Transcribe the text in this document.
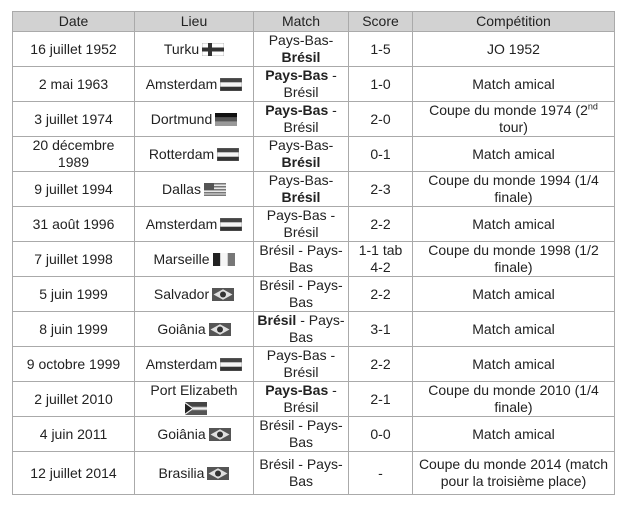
Date	Lieu	Match	Score	Compétition
16 juillet 1952	Turku	Pays-Bas- Brésil	1-5	JO 1952
2 mai 1963	Amsterdam	Pays-Bas - Brésil	1-0	Match amical
3 juillet 1974	Dortmund	Pays-Bas - Brésil	2-0	Coupe du monde 1974 (2nd tour)
20 décembre 1989	Rotterdam	Pays-Bas- Brésil	0-1	Match amical
9 juillet 1994	Dallas	Pays-Bas- Brésil	2-3	Coupe du monde 1994 (1/4 finale)
31 août 1996	Amsterdam	Pays-Bas - Brésil	2-2	Match amical
7 juillet 1998	Marseille	Brésil - Pays-Bas	1-1 tab 4-2	Coupe du monde 1998 (1/2 finale)
5 juin 1999	Salvador	Brésil - Pays-Bas	2-2	Match amical
8 juin 1999	Goiânia	Brésil - Pays-Bas	3-1	Match amical
9 octobre 1999	Amsterdam	Pays-Bas - Brésil	2-2	Match amical
2 juillet 2010	Port Elizabeth	Pays-Bas - Brésil	2-1	Coupe du monde 2010 (1/4 finale)
4 juin 2011	Goiânia	Brésil - Pays-Bas	0-0	Match amical
12 juillet 2014	Brasilia	Brésil - Pays-Bas	-	Coupe du monde 2014 (match pour la troisième place)
